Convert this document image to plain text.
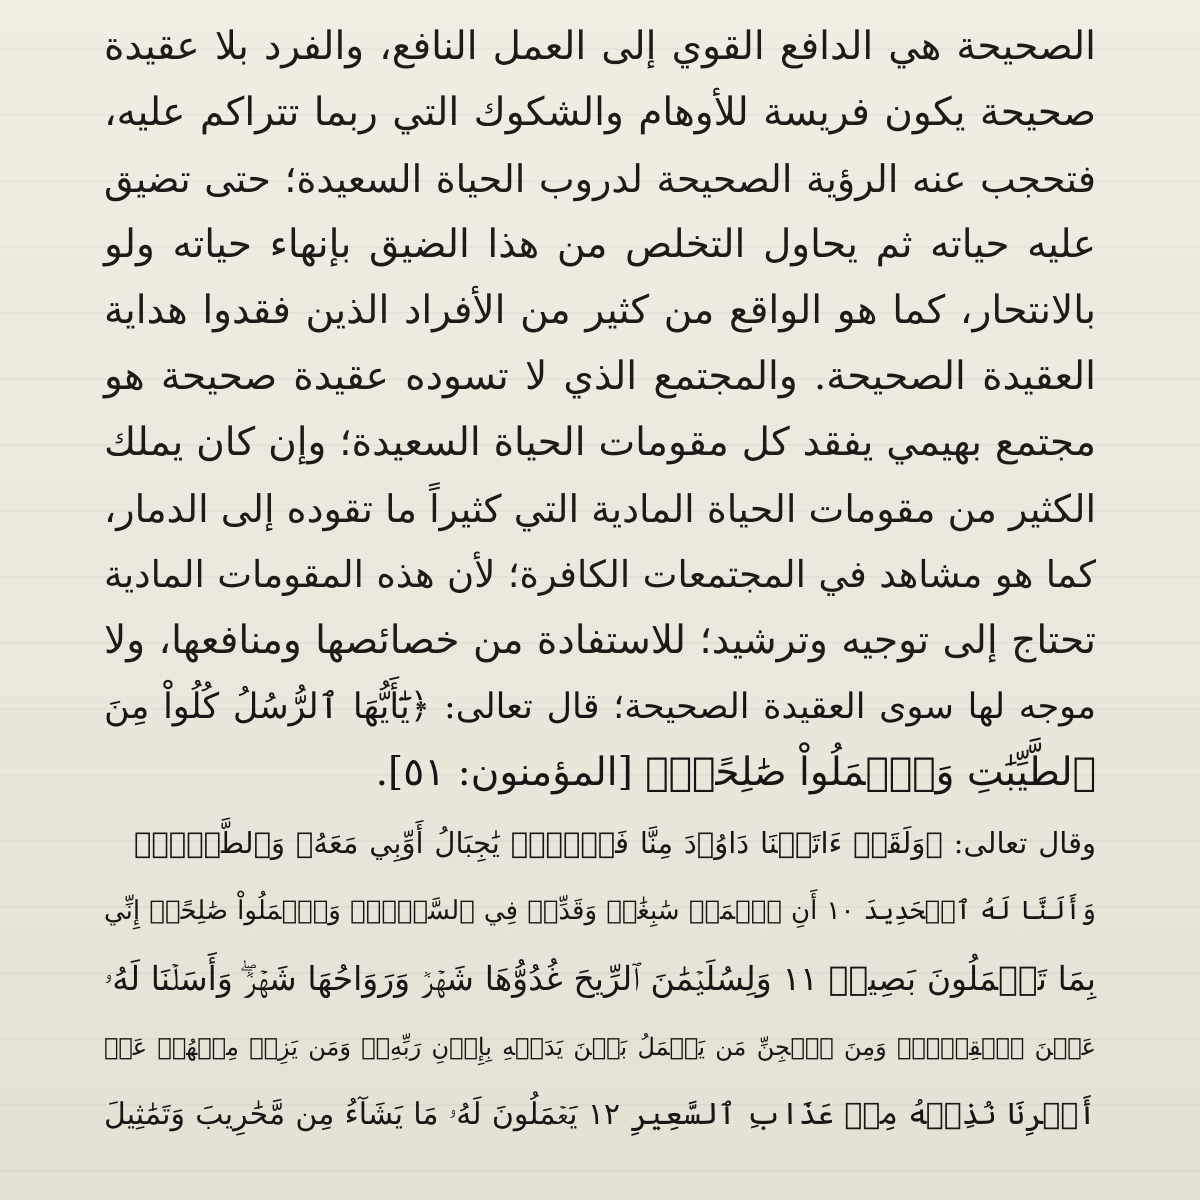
الصحيحة هي الدافع القوي إلى العمل النافع، والفرد بلا عقيدة
صحيحة يكون فريسة للأوهام والشكوك التي ربما تتراكم عليه،
فتحجب عنه الرؤية الصحيحة لدروب الحياة السعيدة؛ حتى تضيق
عليه حياته ثم يحاول التخلص من هذا الضيق بإنهاء حياته ولو
بالانتحار، كما هو الواقع من كثير من الأفراد الذين فقدوا هداية
العقيدة الصحيحة. والمجتمع الذي لا تسوده عقيدة صحيحة هو
مجتمع بهيمي يفقد كل مقومات الحياة السعيدة؛ وإن كان يملك
الكثير من مقومات الحياة المادية التي كثيراً ما تقوده إلى الدمار،
كما هو مشاهد في المجتمعات الكافرة؛ لأن هذه المقومات المادية
تحتاج إلى توجيه وترشيد؛ للاستفادة من خصائصها ومنافعها، ولا
موجه لها سوى العقيدة الصحيحة؛ قال تعالى: ﴿يَٰٓأَيُّهَا ٱلرُّسُلُ كُلُواْ مِنَ
ٱلطَّيِّبَٰتِ وَٱعۡمَلُواْ صَٰلِحًاۖ﴾ [المؤمنون: ٥١].
وقال تعالى: ﴿وَلَقَدۡ ءَاتَيۡنَا دَاوُۥدَ مِنَّا فَضۡلٗاۖ يَٰجِبَالُ أَوِّبِي مَعَهُۥ وَٱلطَّيۡرَۖ
وَأَلَنَّا لَهُ ٱلۡحَدِيدَ ١٠ أَنِ ٱعۡمَلۡ سَٰبِغَٰتٖ وَقَدِّرۡ فِي ٱلسَّرۡدِۖ وَٱعۡمَلُواْ صَٰلِحًاۖ إِنِّي
بِمَا تَعۡمَلُونَ بَصِيرٞ ١١ وَلِسُلَيۡمَٰنَ ٱلرِّيحَ غُدُوُّهَا شَهۡرٞ وَرَوَاحُهَا شَهۡرٞۖ وَأَسَلۡنَا لَهُۥ
عَيۡنَ ٱلۡقِطۡرِۖ وَمِنَ ٱلۡجِنِّ مَن يَعۡمَلُ بَيۡنَ يَدَيۡهِ بِإِذۡنِ رَبِّهِۦۖ وَمَن يَزِغۡ مِنۡهُمۡ عَنۡ
أَمۡرِنَا نُذِقۡهُ مِنۡ عَذَابِ ٱلسَّعِيرِ ١٢ يَعۡمَلُونَ لَهُۥ مَا يَشَآءُ مِن مَّحَٰرِيبَ وَتَمَٰثِيلَ
